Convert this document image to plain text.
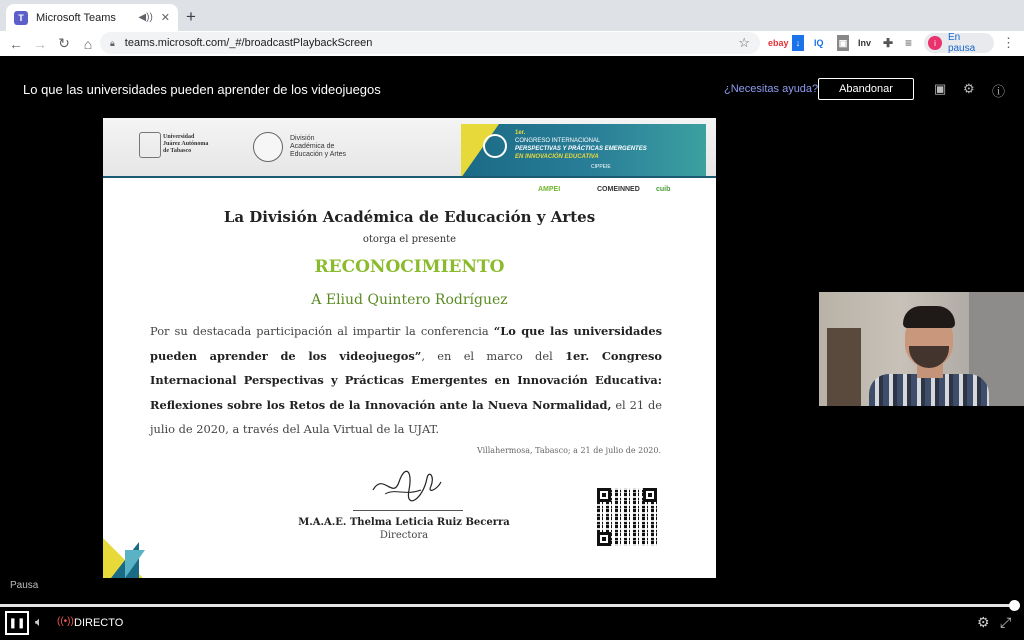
T	Microsoft Teams	◀)) ✕ +
← → ↻ ⌂	🔒︎ teams.microsoft.com/_#/broadcastPlaybackScreen	☆ ebay ↓	IQ ▣ Inv ✚ ≡	i	En pausa	⋮
Lo que las universidades pueden aprender de los videojuegos	¿Necesitas ayuda?	Abandonar	▣ ⚙ ⓘ
Universidad Juárez Autónoma de Tabasco
División Académica de Educación y Artes
1er.
CONGRESO INTERNACIONAL
PERSPECTIVAS Y PRÁCTICAS EMERGENTES
EN INNOVACIÓN EDUCATIVA
CIPPEIE
AMPEI	COMEINNED cuib
La División Académica de Educación y Artes
otorga el presente
RECONOCIMIENTO
A Eliud Quintero Rodríguez
Por su destacada participación al impartir la conferencia “Lo que las universidades pueden aprender de los videojuegos”, en el marco del 1er. Congreso Internacional Perspectivas y Prácticas Emergentes en Innovación Educativa: Reflexiones sobre los Retos de la Innovación ante la Nueva Normalidad, el 21 de julio de 2020, a través del Aula Virtual de la UJAT.
Villahermosa, Tabasco; a 21 de julio de 2020.
M.A.A.E. Thelma Leticia Ruiz Becerra
Directora
Pausa
❚❚ 🔈︎ ((•)) DIRECTO	⚙ ⤢
